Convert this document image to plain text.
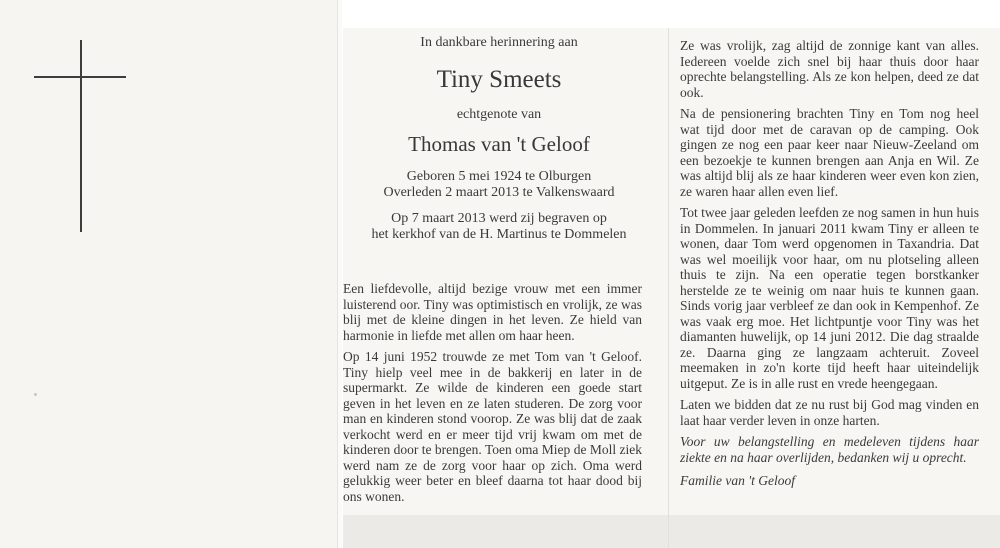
In dankbare herinnering aan
Tiny Smeets
echtgenote van
Thomas van 't Geloof
Geboren 5 mei 1924 te Olburgen
Overleden 2 maart 2013 te Valkenswaard
Op 7 maart 2013 werd zij begraven op
het kerkhof van de H. Martinus te Dommelen

Een liefdevolle, altijd bezige vrouw met een immer luisterend oor. Tiny was optimistisch en vrolijk, ze was blij met de kleine dingen in het leven. Ze hield van harmonie in liefde met allen om haar heen.

Op 14 juni 1952 trouwde ze met Tom van 't Geloof. Tiny hielp veel mee in de bakkerij en later in de supermarkt. Ze wilde de kinderen een goede start geven in het leven en ze laten studeren. De zorg voor man en kinderen stond voorop. Ze was blij dat de zaak verkocht werd en er meer tijd vrij kwam om met de kinderen door te brengen. Toen oma Miep de Moll ziek werd nam ze de zorg voor haar op zich. Oma werd gelukkig weer beter en bleef daarna tot haar dood bij ons wonen.

Ze was vrolijk, zag altijd de zonnige kant van alles. Iedereen voelde zich snel bij haar thuis door haar oprechte belangstelling. Als ze kon helpen, deed ze dat ook.

Na de pensionering brachten Tiny en Tom nog heel wat tijd door met de caravan op de camping. Ook gingen ze nog een paar keer naar Nieuw-Zeeland om een bezoekje te kunnen brengen aan Anja en Wil. Ze was altijd blij als ze haar kinderen weer even kon zien, ze waren haar allen even lief.

Tot twee jaar geleden leefden ze nog samen in hun huis in Dommelen. In januari 2011 kwam Tiny er alleen te wonen, daar Tom werd opgenomen in Taxandria. Dat was wel moeilijk voor haar, om nu plotseling alleen thuis te zijn. Na een operatie tegen borstkanker herstelde ze te weinig om naar huis te kunnen gaan. Sinds vorig jaar verbleef ze dan ook in Kempenhof. Ze was vaak erg moe. Het lichtpuntje voor Tiny was het diamanten huwelijk, op 14 juni 2012. Die dag straalde ze. Daarna ging ze langzaam achteruit. Zoveel meemaken in zo'n korte tijd heeft haar uiteindelijk uitgeput. Ze is in alle rust en vrede heengegaan.

Laten we bidden dat ze nu rust bij God mag vinden en laat haar verder leven in onze harten.

Voor uw belangstelling en medeleven tijdens haar ziekte en na haar overlijden, bedanken wij u oprecht.

Familie van 't Geloof
